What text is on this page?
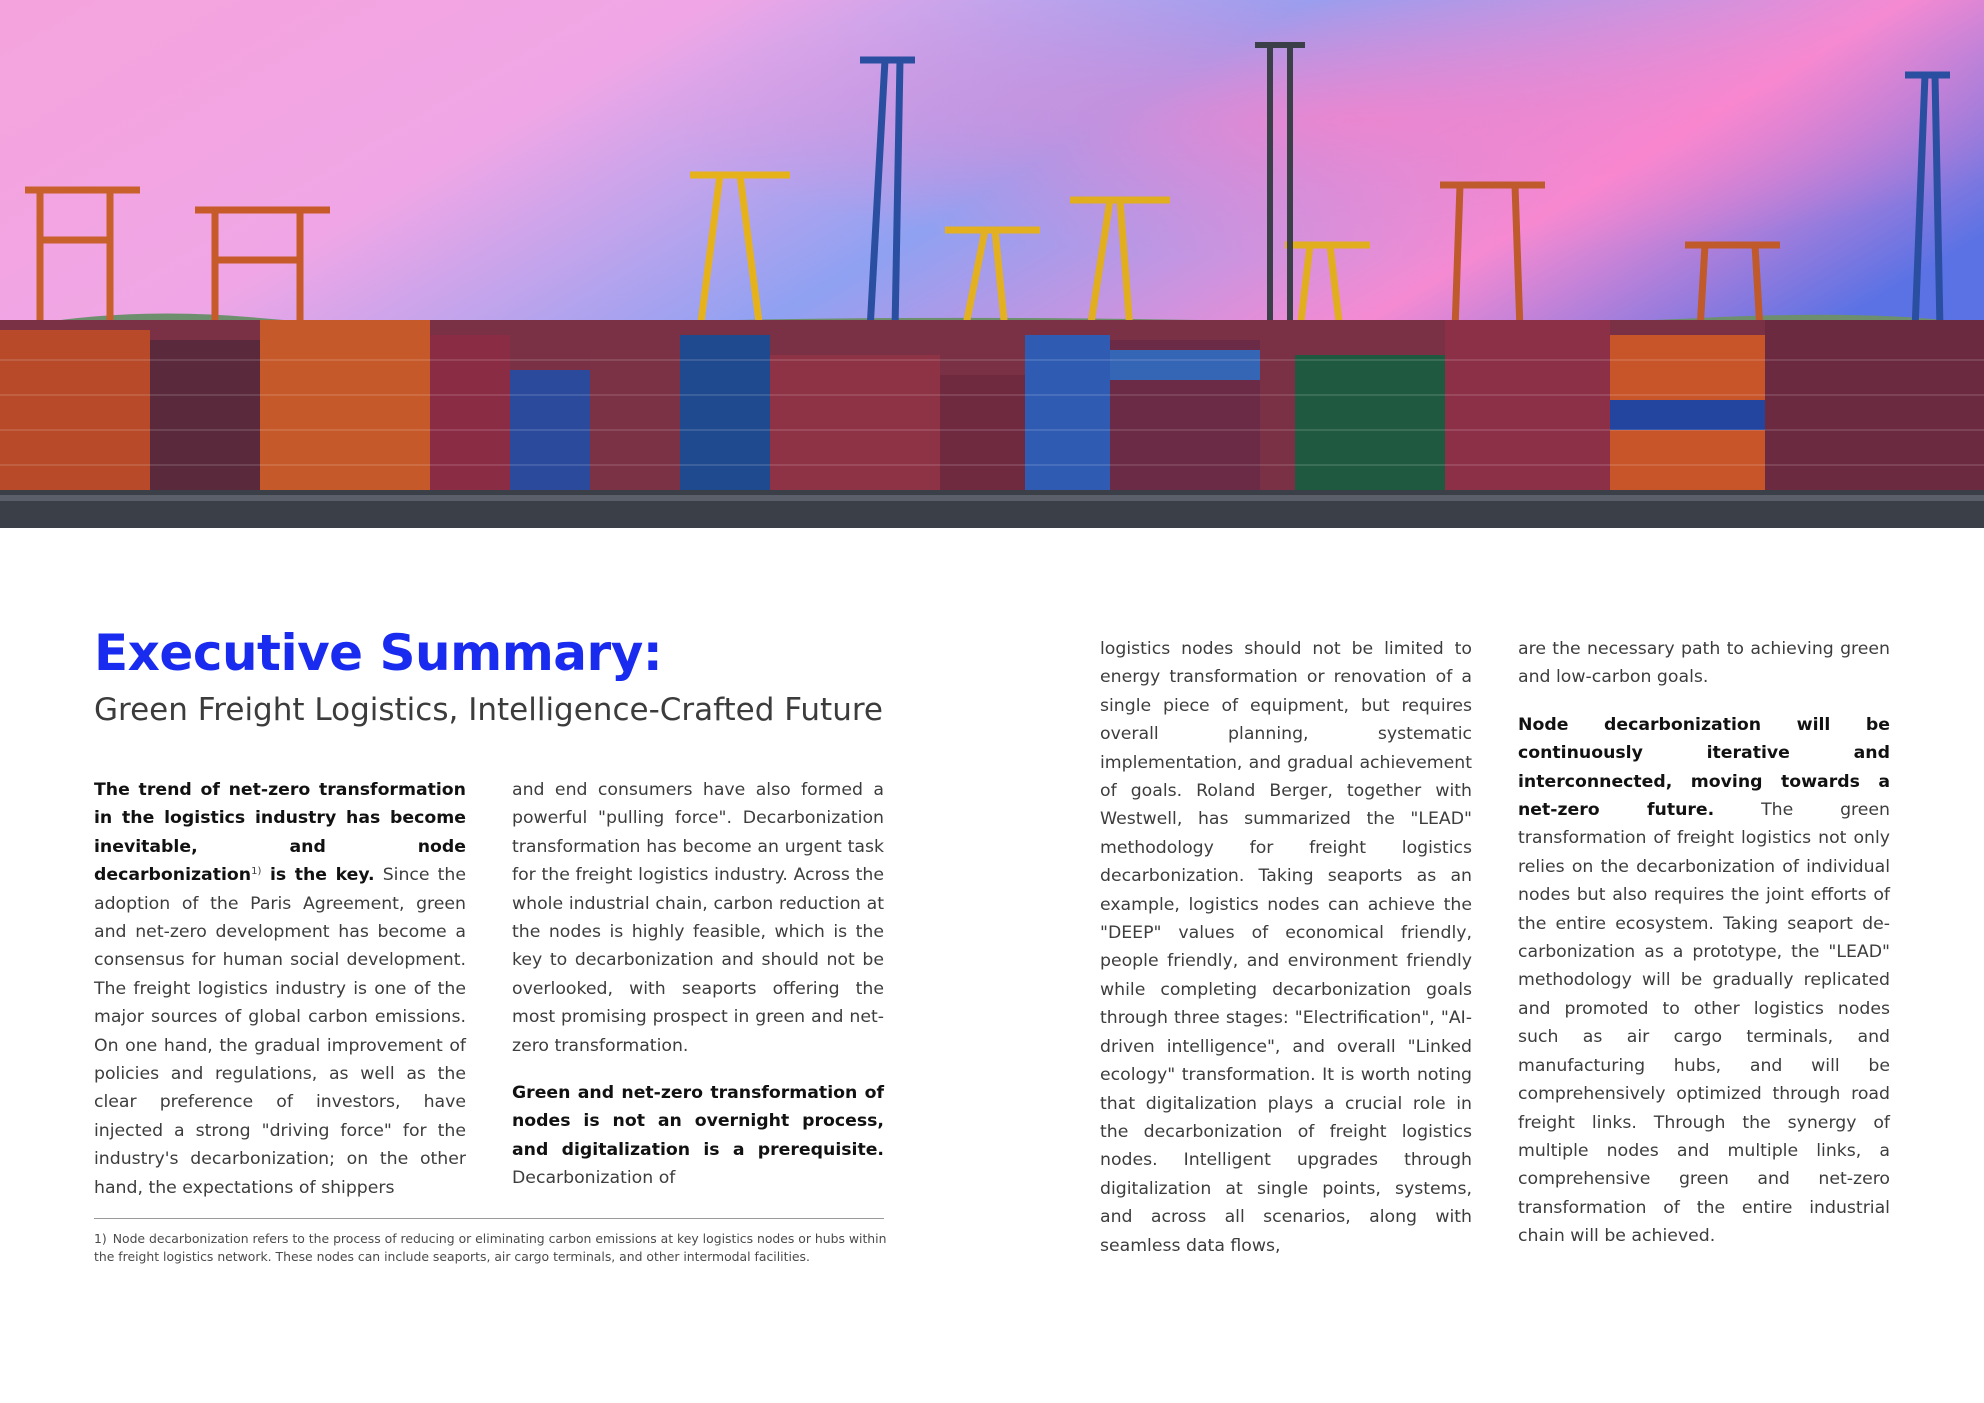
Executive Summary:
Green Freight Logistics, Intelligence-Crafted Future

The trend of net-zero transformation in the logistics industry has become inevitable, and node decarbonization$^{1)}$ is the key. Since the adoption of the Paris Agreement, green and net-zero development has become a consensus for human social development. The freight logistics industry is one of the major sources of global carbon emissions. On one hand, the gradual improvement of policies and regulations, as well as the clear preference of investors, have injected a strong "driving force" for the industry's decarbonization; on the other hand, the expectations of shippers

and end consumers have also formed a powerful "pulling force". Decarbonization transformation has become an urgent task for the freight logistics industry. Across the whole industrial chain, carbon reduction at the nodes is highly feasible, which is the key to decarbonization and should not be overlooked, with seaports offering the most promising prospect in green and net-zero transformation.

Green and net-zero transformation of nodes is not an overnight process, and digitalization is a prerequisite. Decarbonization of

logistics nodes should not be limited to energy transformation or renovation of a single piece of equipment, but requires overall planning, systematic implementation, and gradual achievement of goals. Roland Berger, together with Westwell, has summarized the "LEAD" methodology for freight logistics decarbonization. Taking seaports as an example, logistics nodes can achieve the "DEEP" values of economical friendly, people friendly, and environment friendly while completing decarbonization goals through three stages: "Electrification", "AI-driven intelligence", and overall "Linked ecology" transformation. It is worth noting that digitalization plays a crucial role in the decarbonization of freight logistics nodes. Intelligent upgrades through digitalization at single points, systems, and across all scenarios, along with seamless data flows,

are the necessary path to achieving green and low-carbon goals.

Node decarbonization will be continuously iterative and interconnected, moving towards a net-zero future. The green transformation of freight logistics not only relies on the decarbonization of individual nodes but also requires the joint efforts of the entire ecosystem. Taking seaport decarbonization as a prototype, the "LEAD" methodology will be gradually replicated and promoted to other logistics nodes such as air cargo terminals, and manufacturing hubs, and will be comprehensively optimized through road freight links. Through the synergy of multiple nodes and multiple links, a comprehensive green and net-zero transformation of the entire industrial chain will be achieved.

1) Node decarbonization refers to the process of reducing or eliminating carbon emissions at key logistics nodes or hubs within the freight logistics network. These nodes can include seaports, air cargo terminals, and other intermodal facilities.
